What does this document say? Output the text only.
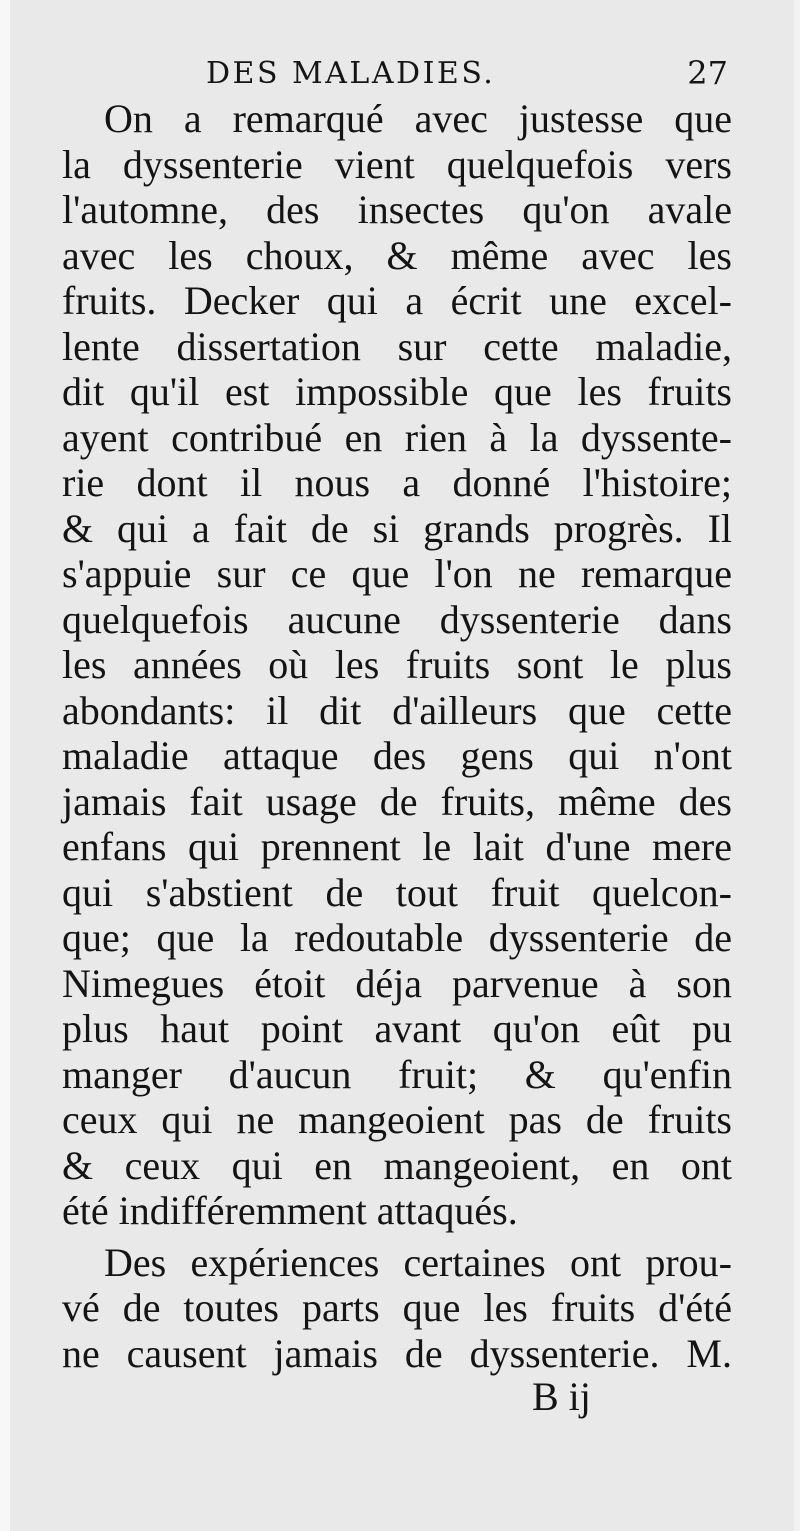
DES MALADIES.	27
On a remarqué avec justesse que
la dyssenterie vient quelquefois vers
l'automne, des insectes qu'on avale
avec les choux, & même avec les
fruits. Decker qui a écrit une excel-
lente dissertation sur cette maladie,
dit qu'il est impossible que les fruits
ayent contribué en rien à la dyssente-
rie dont il nous a donné l'histoire;
& qui a fait de si grands progrès. Il
s'appuie sur ce que l'on ne remarque
quelquefois aucune dyssenterie dans
les années où les fruits sont le plus
abondants: il dit d'ailleurs que cette
maladie attaque des gens qui n'ont
jamais fait usage de fruits, même des
enfans qui prennent le lait d'une mere
qui s'abstient de tout fruit quelcon-
que; que la redoutable dyssenterie de
Nimegues étoit déja parvenue à son
plus haut point avant qu'on eût pu
manger d'aucun fruit; & qu'enfin
ceux qui ne mangeoient pas de fruits
& ceux qui en mangeoient, en ont
été indifféremment attaqués.
Des expériences certaines ont prou-
vé de toutes parts que les fruits d'été
ne causent jamais de dyssenterie. M.
B ij
